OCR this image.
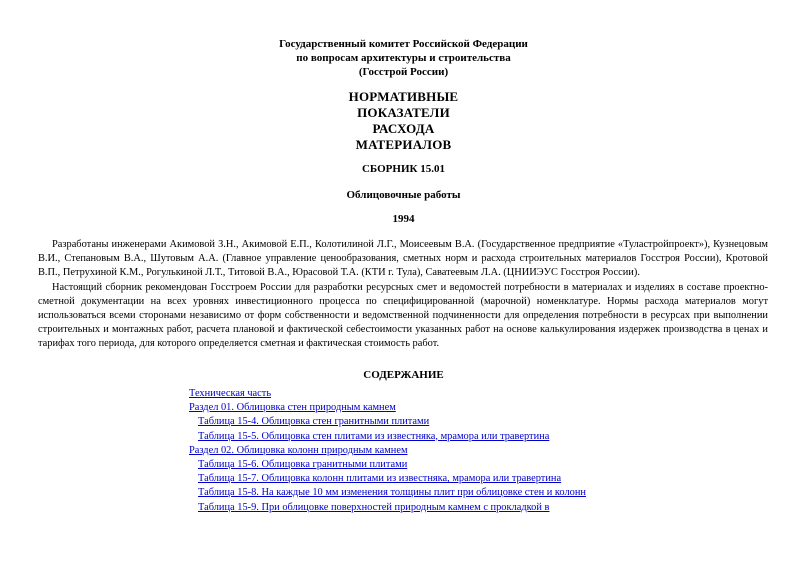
Государственный комитет Российской Федерации
по вопросам архитектуры и строительства
(Госстрой России)
НОРМАТИВНЫЕ
ПОКАЗАТЕЛИ
РАСХОДА
МАТЕРИАЛОВ
СБОРНИК 15.01
Облицовочные работы
1994

Разработаны инженерами Акимовой З.Н., Акимовой Е.П., Колотилиной Л.Г., Моисеевым В.А. (Государственное предприятие «Туластройпроект»), Кузнецовым В.И., Степановым В.А., Шутовым А.А. (Главное управление ценообразования, сметных норм и расхода строительных материалов Госстроя России), Кротовой В.П., Петрухиной К.М., Рогулькиной Л.Т., Титовой В.А., Юрасовой Т.А. (КТИ г. Тула), Саватеевым Л.А. (ЦНИИЭУС Госстроя России).

Настоящий сборник рекомендован Госстроем России для разработки ресурсных смет и ведомостей потребности в материалах и изделиях в составе проектно-сметной документации на всех уровнях инвестиционного процесса по специфицированной (марочной) номенклатуре. Нормы расхода материалов могут использоваться всеми сторонами независимо от форм собственности и ведомственной подчиненности для определения потребности в ресурсах при выполнении строительных и монтажных работ, расчета плановой и фактической себестоимости указанных работ на основе калькулирования издержек производства в ценах и тарифах того периода, для которого определяется сметная и фактическая стоимость работ.

СОДЕРЖАНИЕ
Техническая часть
Раздел 01. Облицовка стен природным камнем
Таблица 15-4. Облицовка стен гранитными плитами
Таблица 15-5. Облицовка стен плитами из известняка, мрамора или травертина
Раздел 02. Облицовка колонн природным камнем
Таблица 15-6. Облицовка гранитными плитами
Таблица 15-7. Облицовка колонн плитами из известняка, мрамора или травертина
Таблица 15-8. На каждые 10 мм изменения толщины плит при облицовке стен и колонн
Таблица 15-9. При облицовке поверхностей природным камнем с прокладкой в
